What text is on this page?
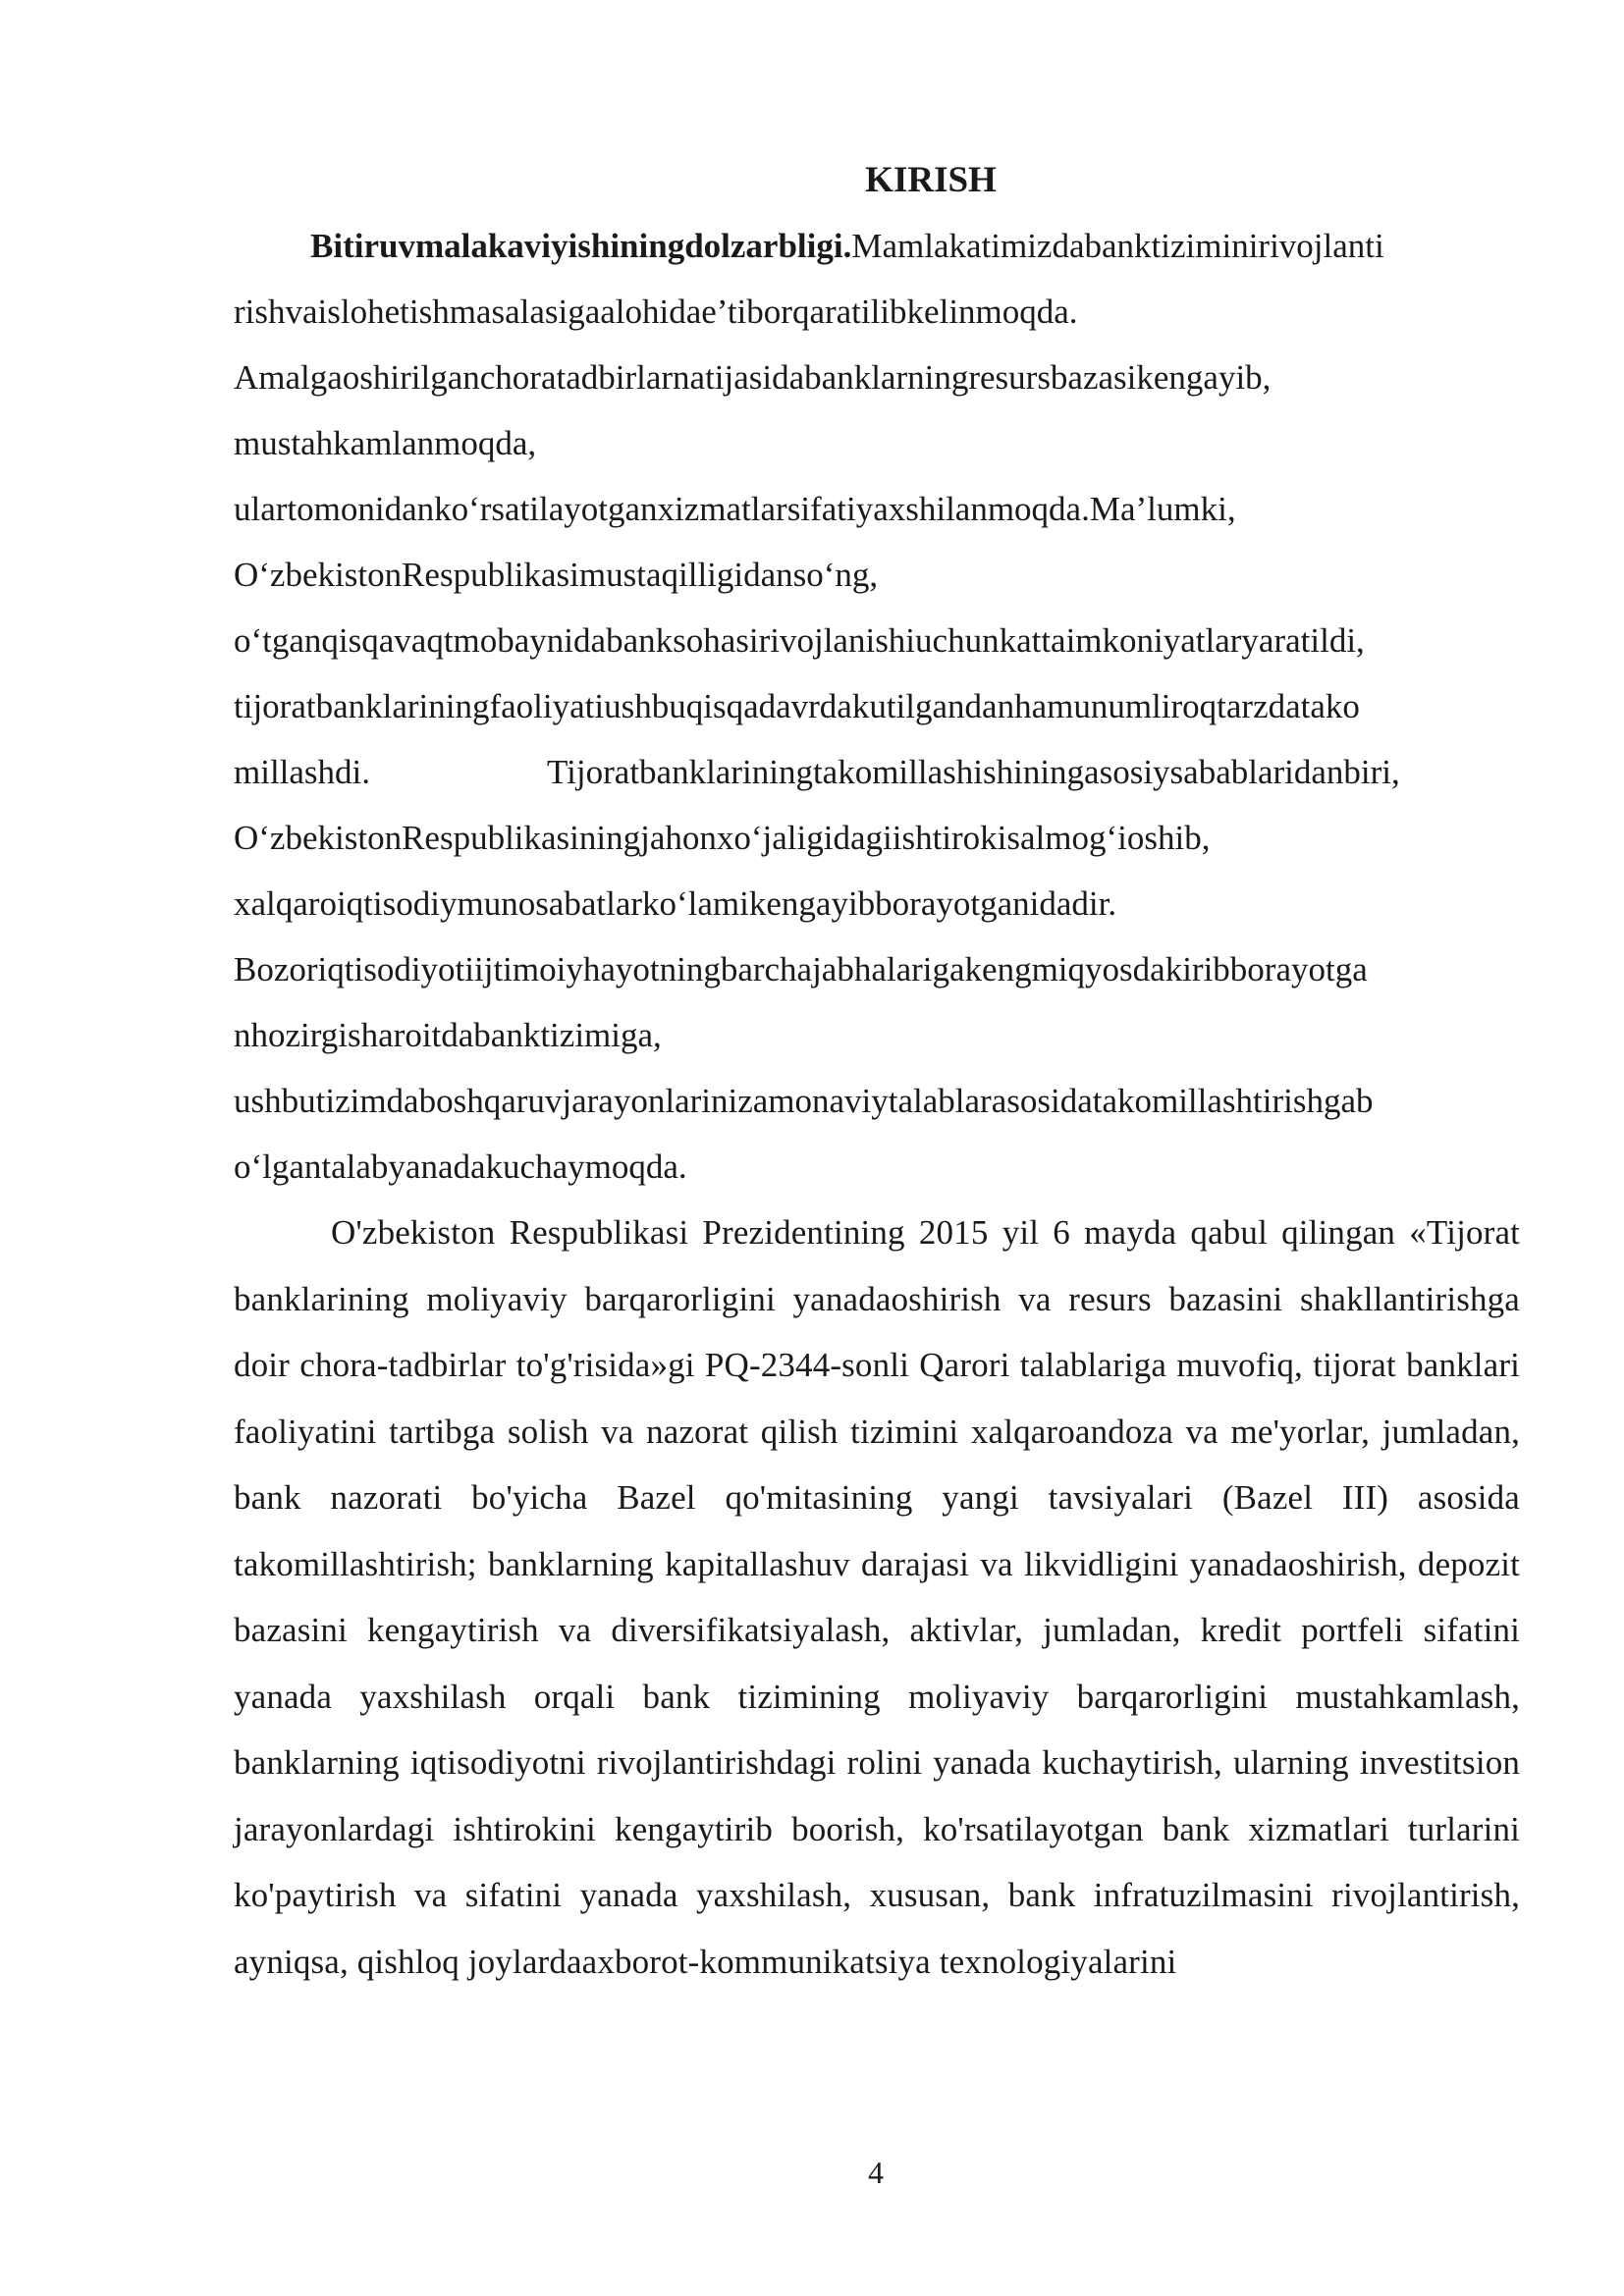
KIRISH

Bitiruvmalakaviyishiningdolzarbligi.Mamlakatimizdabanktiziminirivojlanti
rishvaislohetishmasalasigaalohidae’tiborqaratilibkelinmoqda.
Amalgaoshirilganchoratadbirlarnatijasidabanklarningresursbazasikengayib,
mustahkamlanmoqda,
ulartomonidanko‘rsatilayotganxizmatlarsifatiyaxshilanmoqda.Ma’lumki,
O‘zbekistonRespublikasimustaqilligidanso‘ng,
o‘tganqisqavaqtmobaynidabanksohasirivojlanishiuchunkattaimkoniyatlaryaratildi,
tijoratbanklariningfaoliyatiushbuqisqadavrdakutilgandanhamunumliroqtarzdatako
millashdi.	Tijoratbanklariningtakomillashishiningasosiysabablaridanbiri,
O‘zbekistonRespublikasiningjahonxo‘jaligidagiishtirokisalmog‘ioshib,
xalqaroiqtisodiymunosabatlarko‘lamikengayibborayotganidadir.
Bozoriqtisodiyotiijtimoiyhayotningbarchajabhalarigakengmiqyosdakiribborayotga
nhozirgisharoitdabanktizimiga,
ushbutizimdaboshqaruvjarayonlarinizamonaviytalablarasosidatakomillashtirishgab
o‘lgantalabyanadakuchaymoqda.

O'zbekiston Respublikasi Prezidentining 2015 yil 6 mayda qabul qilingan «Tijorat banklarining moliyaviy barqarorligini yanadaoshirish va resurs bazasini shakllantirishga doir chora-tadbirlar to'g'risida»gi PQ-2344-sonli Qarori talablariga muvofiq, tijorat banklari faoliyatini tartibga solish va nazorat qilish tizimini xalqaroandoza va me'yorlar, jumladan, bank nazorati bo'yicha Bazel qo'mitasining yangi tavsiyalari (Bazel III) asosida takomillashtirish; banklarning kapitallashuv darajasi va likvidligini yanadaoshirish, depozit bazasini kengaytirish va diversifikatsiyalash, aktivlar, jumladan, kredit portfeli sifatini yanada yaxshilash orqali bank tizimining moliyaviy barqarorligini mustahkamlash, banklarning iqtisodiyotni rivojlantirishdagi rolini yanada kuchaytirish, ularning investitsion jarayonlardagi ishtirokini kengaytirib boorish, ko'rsatilayotgan bank xizmatlari turlarini ko'paytirish va sifatini yanada yaxshilash, xususan, bank infratuzilmasini rivojlantirish, ayniqsa, qishloq joylardaaxborot-kommunikatsiya texnologiyalarini

4
